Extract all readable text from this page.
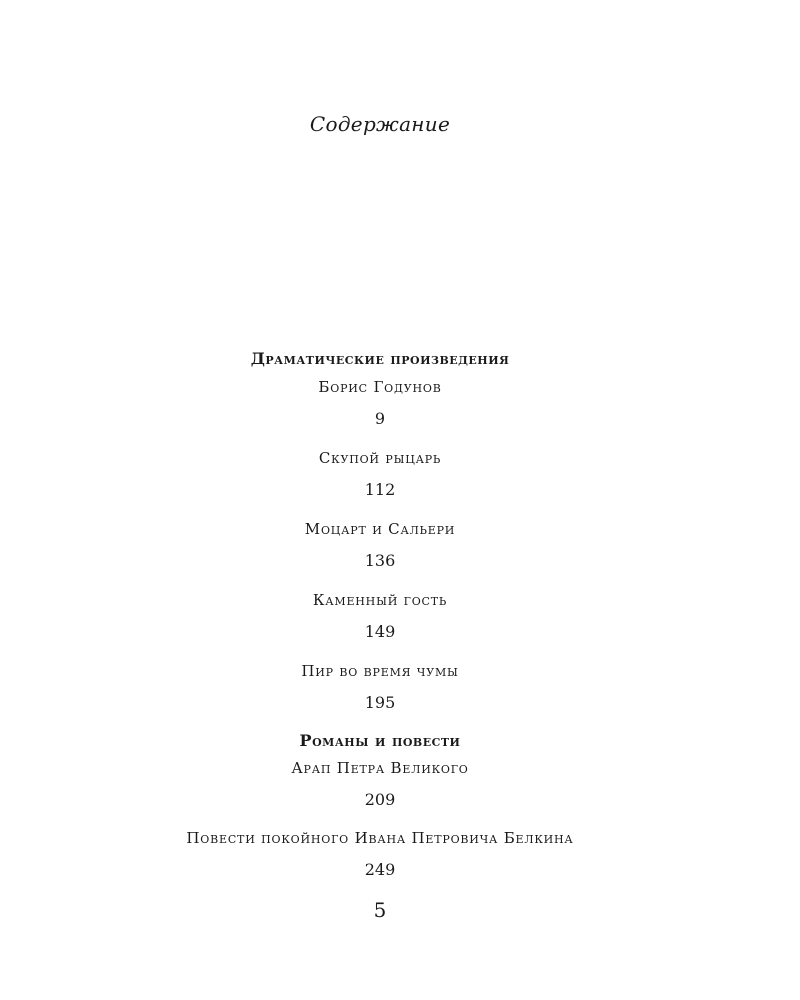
Содержание
Драматические произведения
Борис Годунов
9
Скупой рыцарь
112
Моцарт и Сальери
136
Каменный гость
149
Пир во время чумы
195
Романы и повести
Арап Петра Великого
209
Повести покойного Ивана Петровича Белкина
249
5
